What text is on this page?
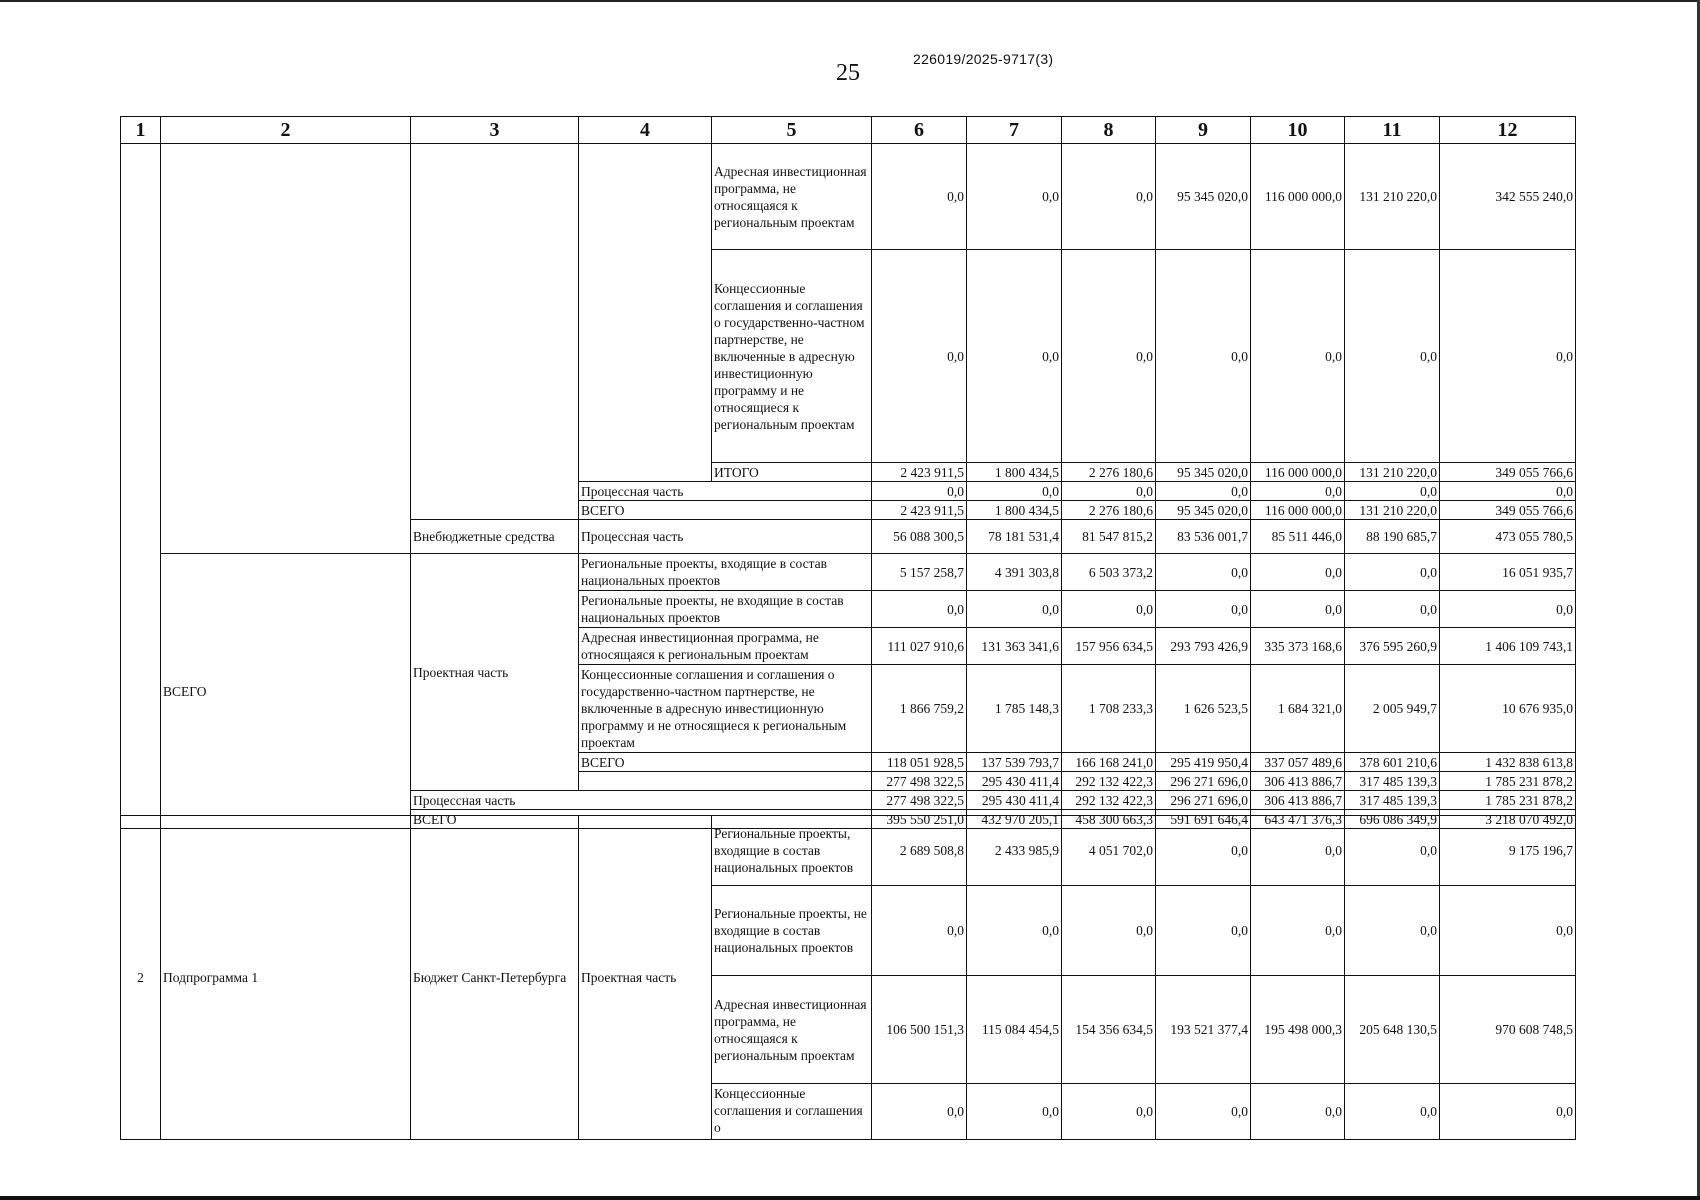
25
226019/2025-9717(3)
1	2	3	4	5	6	7	8	9	10	11	12
				Адресная инвестиционная программа, не относящаяся к региональным проектам	0,0	0,0	0,0	95 345 020,0	116 000 000,0	131 210 220,0	342 555 240,0
				Концессионные соглашения и соглашения о государственно-частном партнерстве, не включенные в адресную инвестиционную программу и не относящиеся к региональным проектам	0,0	0,0	0,0	0,0	0,0	0,0	0,0
				ИТОГО	2 423 911,5	1 800 434,5	2 276 180,6	95 345 020,0	116 000 000,0	131 210 220,0	349 055 766,6
			Процессная часть		0,0	0,0	0,0	0,0	0,0	0,0	0,0
			ВСЕГО		2 423 911,5	1 800 434,5	2 276 180,6	95 345 020,0	116 000 000,0	131 210 220,0	349 055 766,6
		Внебюджетные средства	Процессная часть		56 088 300,5	78 181 531,4	81 547 815,2	83 536 001,7	85 511 446,0	88 190 685,7	473 055 780,5
	ВСЕГО	Проектная часть	Региональные проекты, входящие в состав национальных проектов		5 157 258,7	4 391 303,8	6 503 373,2	0,0	0,0	0,0	16 051 935,7
			Региональные проекты, не входящие в состав национальных проектов		0,0	0,0	0,0	0,0	0,0	0,0	0,0
			Адресная инвестиционная программа, не относящаяся к региональным проектам		111 027 910,6	131 363 341,6	157 956 634,5	293 793 426,9	335 373 168,6	376 595 260,9	1 406 109 743,1
			Концессионные соглашения и соглашения о государственно-частном партнерстве, не включенные в адресную инвестиционную программу и не относящиеся к региональным проектам		1 866 759,2	1 785 148,3	1 708 233,3	1 626 523,5	1 684 321,0	2 005 949,7	10 676 935,0
			ВСЕГО		118 051 928,5	137 539 793,7	166 168 241,0	295 419 950,4	337 057 489,6	378 601 210,6	1 432 838 613,8
					277 498 322,5	295 430 411,4	292 132 422,3	296 271 696,0	306 413 886,7	317 485 139,3	1 785 231 878,2
		Процессная часть			277 498 322,5	295 430 411,4	292 132 422,3	296 271 696,0	306 413 886,7	317 485 139,3	1 785 231 878,2
		ВСЕГО			395 550 251,0	432 970 205,1	458 300 663,3	591 691 646,4	643 471 376,3	696 086 349,9	3 218 070 492,0
2	Подпрограмма 1	Бюджет Санкт-Петербурга	Проектная часть	Региональные проекты, входящие в состав национальных проектов	2 689 508,8	2 433 985,9	4 051 702,0	0,0	0,0	0,0	9 175 196,7
				Региональные проекты, не входящие в состав национальных проектов	0,0	0,0	0,0	0,0	0,0	0,0	0,0
				Адресная инвестиционная программа, не относящаяся к региональным проектам	106 500 151,3	115 084 454,5	154 356 634,5	193 521 377,4	195 498 000,3	205 648 130,5	970 608 748,5
				Концессионные соглашения и соглашения о	0,0	0,0	0,0	0,0	0,0	0,0	0,0
